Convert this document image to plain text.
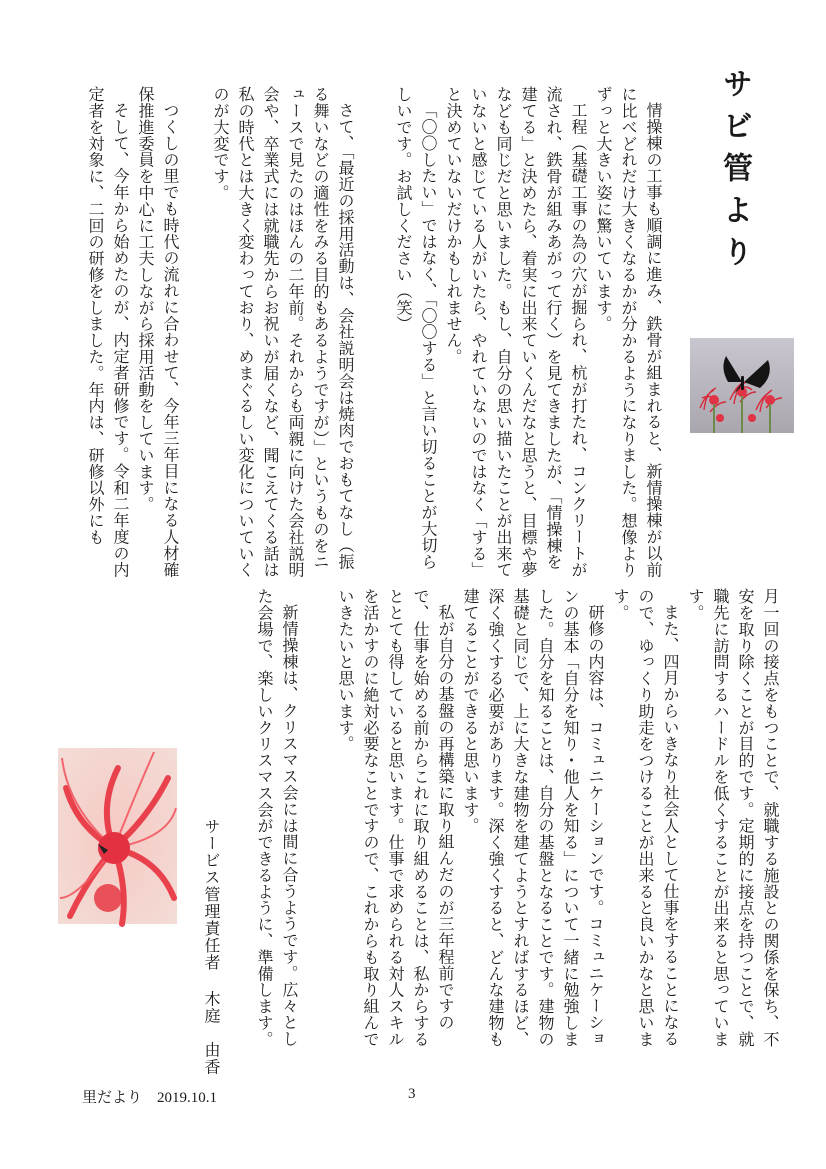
サビ管より

情操棟の工事も順調に進み、鉄骨が組まれると、新情操棟が以前に比べどれだけ大きくなるかが分かるようになりました。想像よりずっと大きい姿に驚いています。

工程（基礎工事の為の穴が掘られ、杭が打たれ、コンクリートが流され、鉄骨が組みあがって行く）を見てきましたが、「情操棟を建てる」と決めたら、着実に出来ていくんだなと思うと、目標や夢なども同じだと思いました。もし、自分の思い描いたことが出来ていないと感じている人がいたら、やれていないのではなく「する」と決めていないだけかもしれません。

「〇〇したい」ではなく、「〇〇する」と言い切ることが大切らしいです。お試しください（笑）

さて、「最近の採用活動は、会社説明会は焼肉でおもてなし（振る舞いなどの適性をみる目的もあるようですが）」というものをニュースで見たのはほんの二年前。それからも両親に向けた会社説明会や、卒業式には就職先からお祝いが届くなど、聞こえてくる話は私の時代とは大きく変わっており、めまぐるしい変化についていくのが大変です。

つくしの里でも時代の流れに合わせて、今年三年目になる人材確保推進委員を中心に工夫しながら採用活動をしています。

そして、今年から始めたのが、内定者研修です。令和二年度の内定者を対象に、二回の研修をしました。年内は、研修以外にも

月一回の接点をもつことで、就職する施設との関係を保ち、不安を取り除くことが目的です。定期的に接点を持つことで、就職先に訪問するハードルを低くすることが出来ると思っています。

また、四月からいきなり社会人として仕事をすることになるので、ゆっくり助走をつけることが出来ると良いかなと思います。

研修の内容は、コミュニケーションです。コミュニケーションの基本「自分を知り・他人を知る」について一緒に勉強しました。自分を知ることは、自分の基盤となることです。建物の基礎と同じで、上に大きな建物を建てようとすればするほど、深く強くする必要があります。深く強くすると、どんな建物も建てることができると思います。

私が自分の基盤の再構築に取り組んだのが三年程前ですので、仕事を始める前からこれに取り組めることは、私からするととても得していると思います。仕事で求められる対人スキルを活かすのに絶対必要なことですので、これからも取り組んでいきたいと思います。

新情操棟は、クリスマス会には間に合うようです。広々とした会場で、楽しいクリスマス会ができるように、準備します。

サービス管理責任者木庭　由香
里だより　2019.10.1	3
